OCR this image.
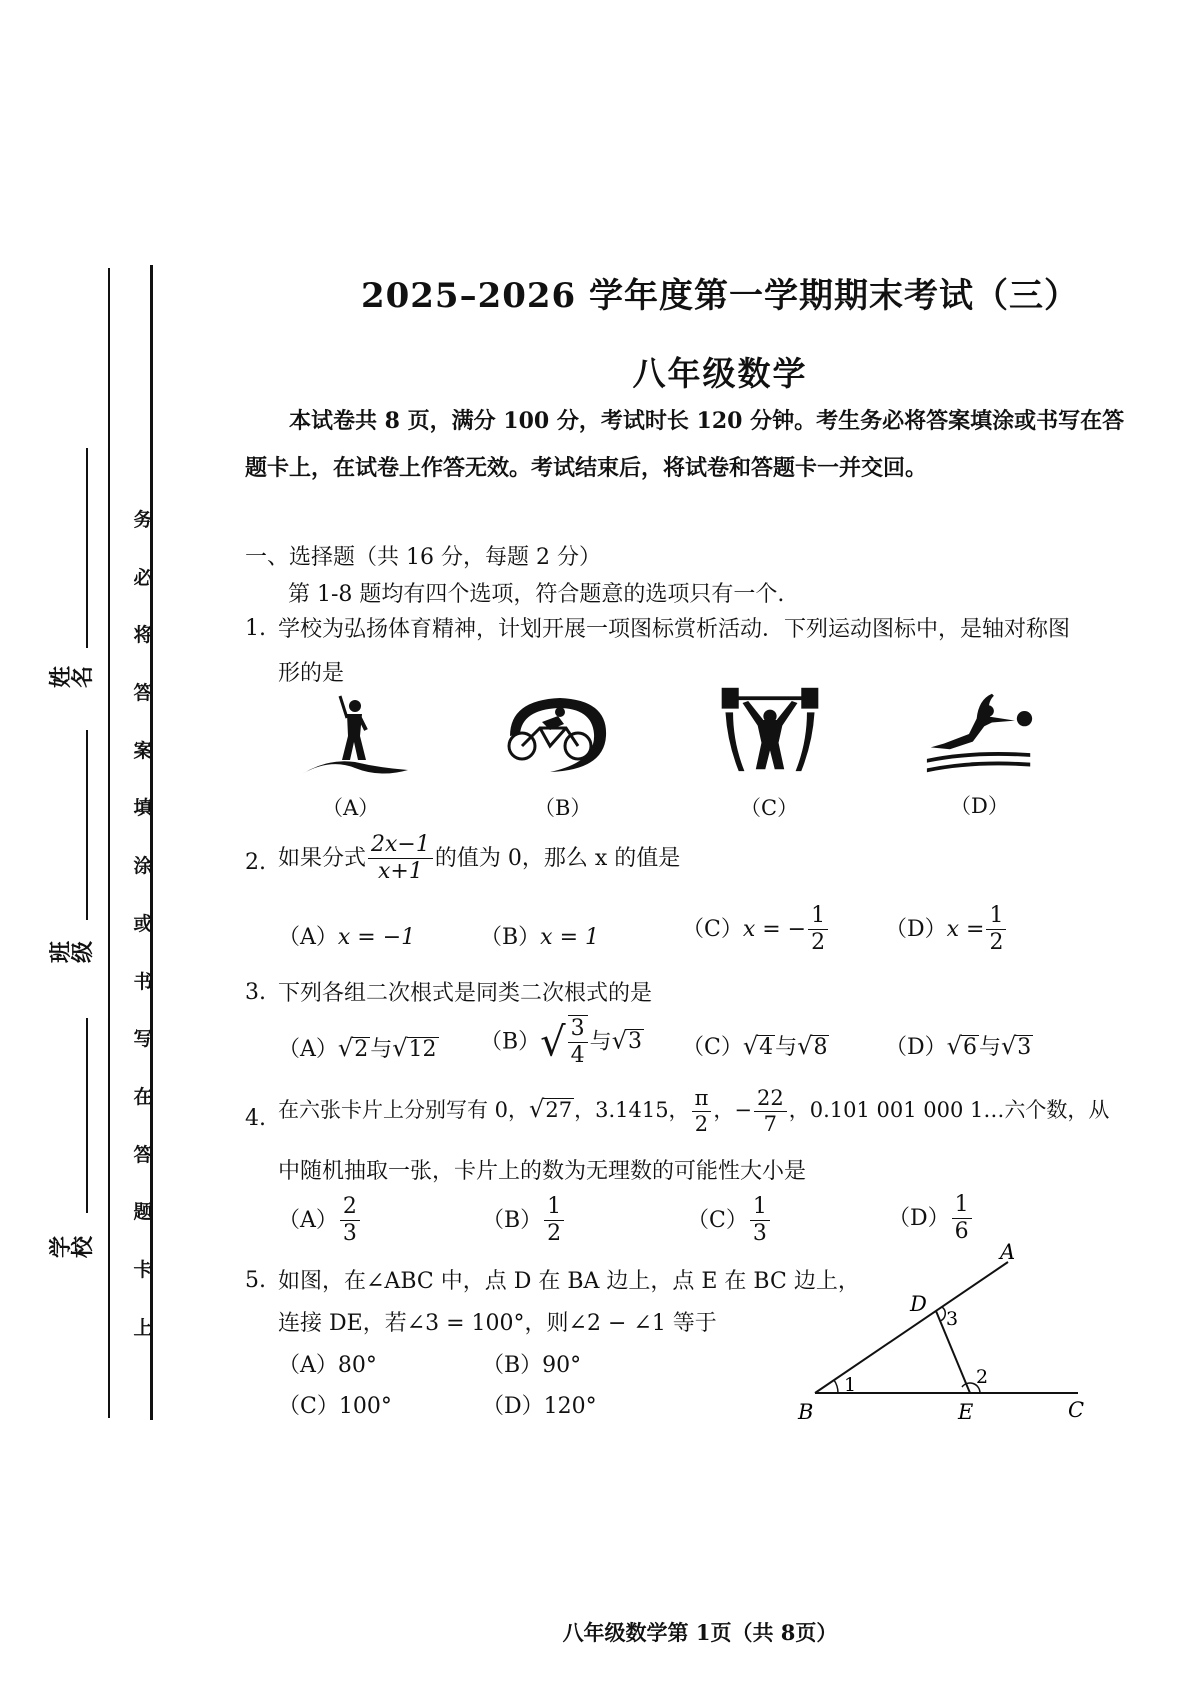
姓名
班级
学校
务
必
将
答
案
填
涂
或
书
写
在
答
题
卡
上
2025–2026 学年度第一学期期末考试（三）
八年级数学
本试卷共 8 页，满分 100 分，考试时长 120 分钟。考生务必将答案填涂或书写在答
题卡上，在试卷上作答无效。考试结束后，将试卷和答题卡一并交回。
一、选择题（共 16 分，每题 2 分）
第 1-8 题均有四个选项，符合题意的选项只有一个.
1. 学校为弘扬体育精神，计划开展一项图标赏析活动．下列运动图标中，是轴对称图
形的是
（A）	（B）	（C）	（D）
2. 如果分式 $\frac{2x-1}{x+1}$ 的值为 0，那么 x 的值是
（A）x = −1	（B）x = 1	（C）x = − $\frac{1}{2}$	$(D)x = \frac{1}{2}$
3. 下列各组二次根式是同类二次根式的是
（A）√2与√12 $(B)√ \frac{3}{4}$ 与√3 （C）√4与√8	（D）√6与√3
4. 在六张卡片上分别写有 0，√27，3.1415， $\frac{\pi}{2}$ ，− $\frac{22}{7}$ ，0.101 001 000 1…六个数，从
中随机抽取一张，卡片上的数为无理数的可能性大小是
$(A) \frac{2}{3}$	$(B) \frac{1}{2}$	$(C) \frac{1}{3}$	$(D) \frac{1}{6}$
5. 如图，在∠ABC 中，点 D 在 BA 边上，点 E 在 BC 边上，
连接 DE，若∠3 = 100°，则∠2 − ∠1 等于
（A）80°	（B）90°
（C）100°	（D）120°
A
B	C
D
E
1	2
3
八年级数学第 1页（共 8页）
